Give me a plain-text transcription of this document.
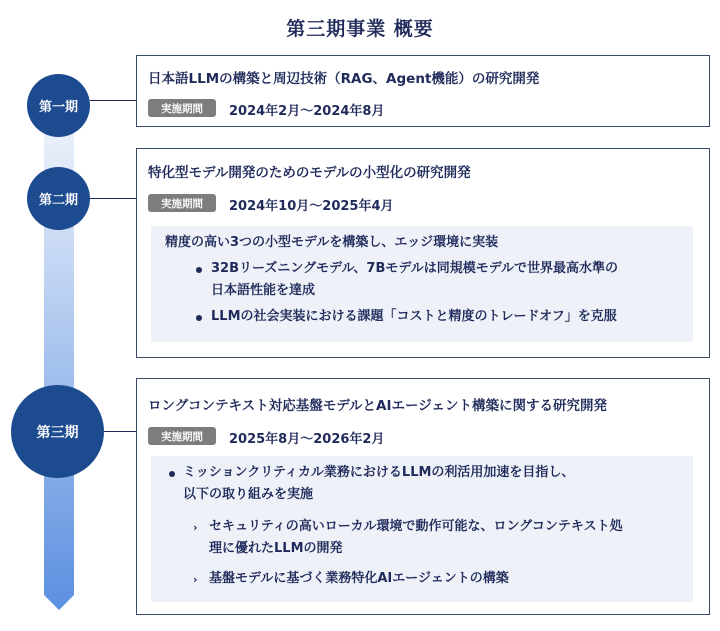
第三期事業 概要
第一期
第二期
第三期
日本語LLMの構築と周辺技術（RAG、Agent機能）の研究開発
実施期間	2024年2月～2024年8月
特化型モデル開発のためのモデルの小型化の研究開発
実施期間	2024年10月～2025年4月
精度の高い3つの小型モデルを構築し、エッジ環境に実装
32Bリーズニングモデル、7Bモデルは同規模モデルで世界最高水準の
日本語性能を達成
LLMの社会実装における課題「コストと精度のトレードオフ」を克服
ロングコンテキスト対応基盤モデルとAIエージェント構築に関する研究開発
実施期間	2025年8月～2026年2月
ミッションクリティカル業務におけるLLMの利活用加速を目指し、
以下の取り組みを実施
› セキュリティの高いローカル環境で動作可能な、ロングコンテキスト処
理に優れたLLMの開発
› 基盤モデルに基づく業務特化AIエージェントの構築
